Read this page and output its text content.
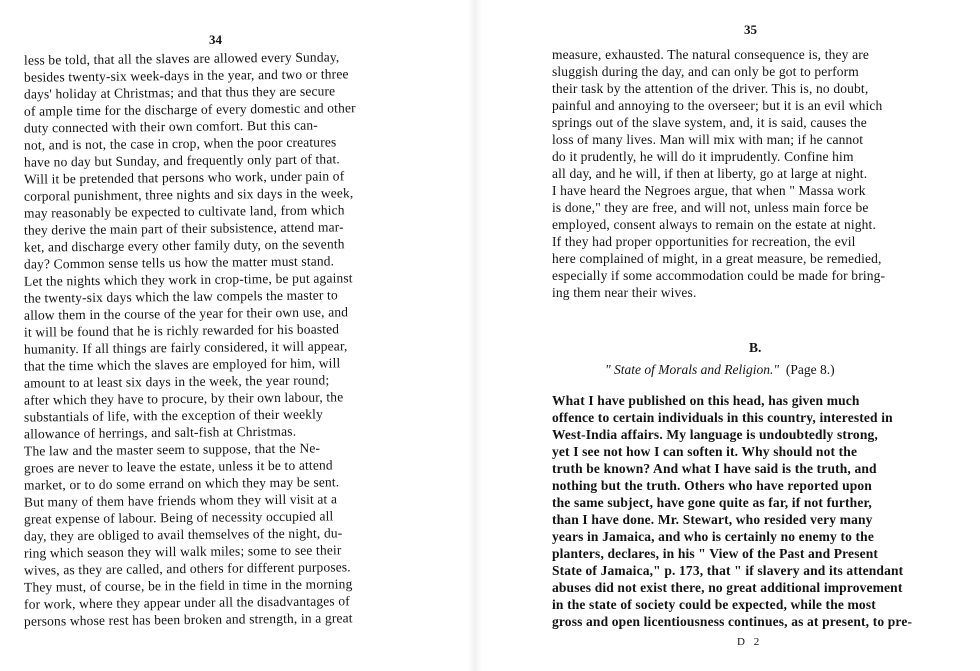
34
less be told, that all the slaves are allowed every Sunday,
besides twenty-six week-days in the year, and two or three
days' holiday at Christmas; and that thus they are secure
of ample time for the discharge of every domestic and other
duty connected with their own comfort. But this can-
not, and is not, the case in crop, when the poor creatures
have no day but Sunday, and frequently only part of that.
Will it be pretended that persons who work, under pain of
corporal punishment, three nights and six days in the week,
may reasonably be expected to cultivate land, from which
they derive the main part of their subsistence, attend mar-
ket, and discharge every other family duty, on the seventh
day? Common sense tells us how the matter must stand.
Let the nights which they work in crop-time, be put against
the twenty-six days which the law compels the master to
allow them in the course of the year for their own use, and
it will be found that he is richly rewarded for his boasted
humanity. If all things are fairly considered, it will appear,
that the time which the slaves are employed for him, will
amount to at least six days in the week, the year round;
after which they have to procure, by their own labour, the
substantials of life, with the exception of their weekly
allowance of herrings, and salt-fish at Christmas.
The law and the master seem to suppose, that the Ne-
groes are never to leave the estate, unless it be to attend
market, or to do some errand on which they may be sent.
But many of them have friends whom they will visit at a
great expense of labour. Being of necessity occupied all
day, they are obliged to avail themselves of the night, du-
ring which season they will walk miles; some to see their
wives, as they are called, and others for different purposes.
They must, of course, be in the field in time in the morning
for work, where they appear under all the disadvantages of
persons whose rest has been broken and strength, in a great
35
measure, exhausted. The natural consequence is, they are
sluggish during the day, and can only be got to perform
their task by the attention of the driver. This is, no doubt,
painful and annoying to the overseer; but it is an evil which
springs out of the slave system, and, it is said, causes the
loss of many lives. Man will mix with man; if he cannot
do it prudently, he will do it imprudently. Confine him
all day, and he will, if then at liberty, go at large at night.
I have heard the Negroes argue, that when " Massa work
is done," they are free, and will not, unless main force be
employed, consent always to remain on the estate at night.
If they had proper opportunities for recreation, the evil
here complained of might, in a great measure, be remedied,
especially if some accommodation could be made for bring-
ing them near their wives.
B.
" State of Morals and Religion." (Page 8.)
What I have published on this head, has given much
offence to certain individuals in this country, interested in
West-India affairs. My language is undoubtedly strong,
yet I see not how I can soften it. Why should not the
truth be known? And what I have said is the truth, and
nothing but the truth. Others who have reported upon
the same subject, have gone quite as far, if not further,
than I have done. Mr. Stewart, who resided very many
years in Jamaica, and who is certainly no enemy to the
planters, declares, in his " View of the Past and Present
State of Jamaica," p. 173, that " if slavery and its attendant
abuses did not exist there, no great additional improvement
in the state of society could be expected, while the most
gross and open licentiousness continues, as at present, to pre-
D 2
